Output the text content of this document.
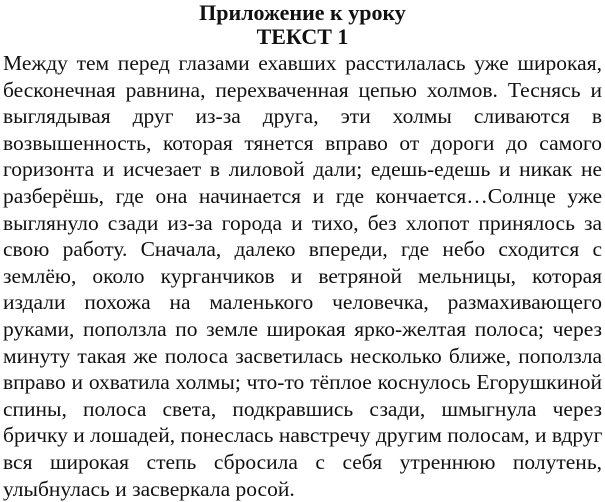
Приложение к уроку
ТЕКСТ 1
Между тем перед глазами ехавших расстилалась уже широкая,
бесконечная равнина, перехваченная цепью холмов. Теснясь и
выглядывая друг из-за друга, эти холмы сливаются в
возвышенность, которая тянется вправо от дороги до самого
горизонта и исчезает в лиловой дали; едешь-едешь и никак не
разберёшь, где она начинается и где кончается…Солнце уже
выглянуло сзади из-за города и тихо, без хлопот принялось за
свою работу. Сначала, далеко впереди, где небо сходится с
землёю, около курганчиков и ветряной мельницы, которая
издали похожа на маленького человечка, размахивающего
руками, поползла по земле широкая ярко-желтая полоса; через
минуту такая же полоса засветилась несколько ближе, поползла
вправо и охватила холмы; что-то тёплое коснулось Егорушкиной
спины, полоса света, подкравшись сзади, шмыгнула через
бричку и лошадей, понеслась навстречу другим полосам, и вдруг
вся широкая степь сбросила с себя утреннюю полутень,
улыбнулась и засверкала росой.
